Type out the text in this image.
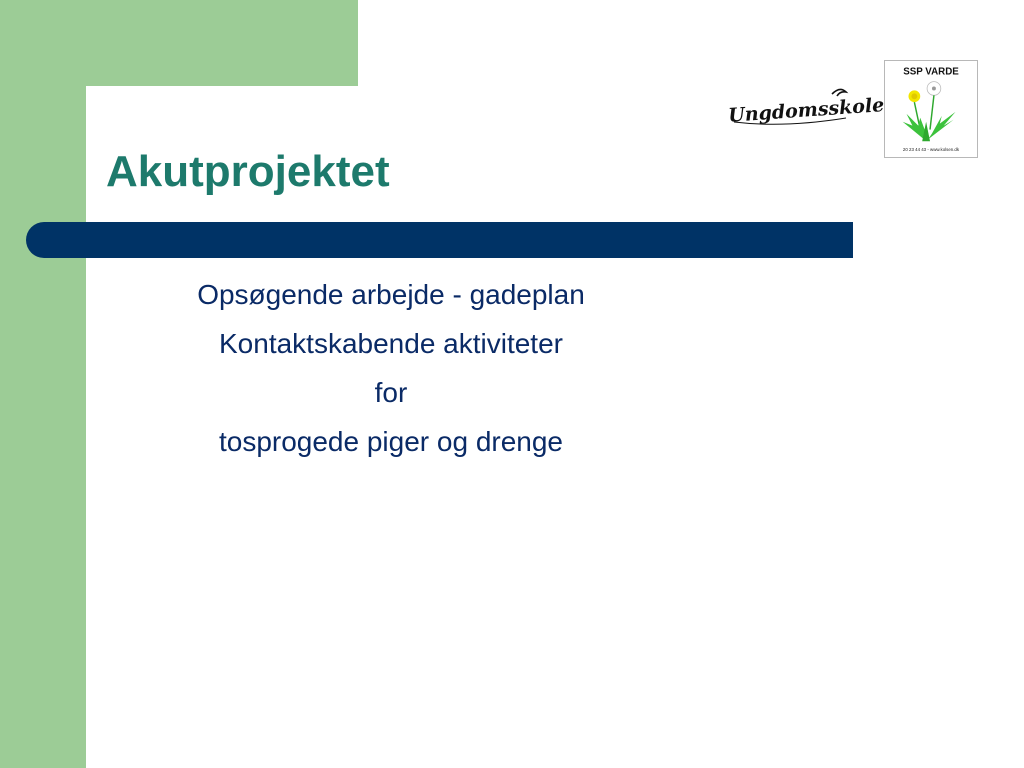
Akutprojektet
Opsøgende arbejde - gadeplan
Kontaktskabende aktiviteter
for
tosprogede piger og drenge
Ungdomsskolen
SSP VARDE
20 23 44 43 - www.kolsen.dk
